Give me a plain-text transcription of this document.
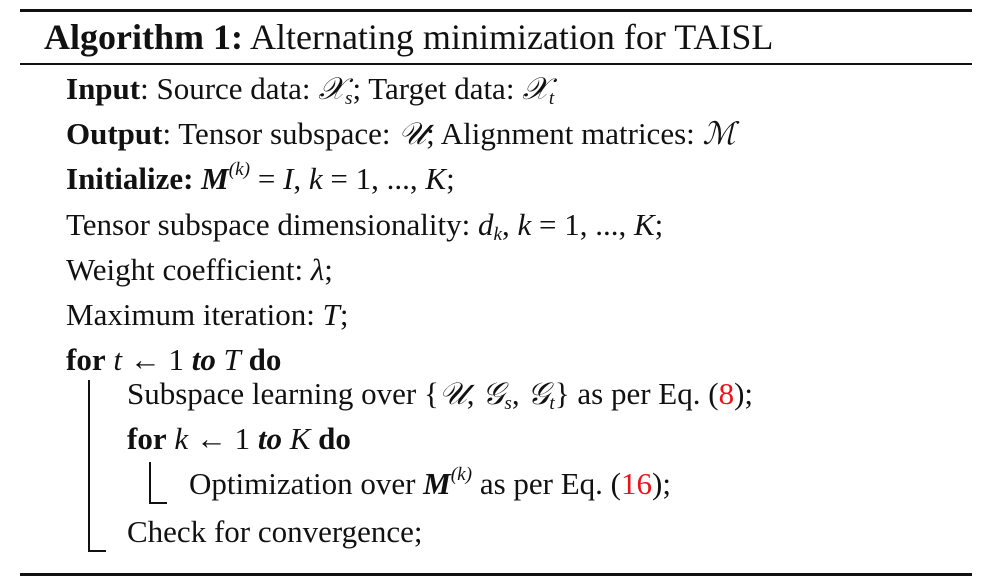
Algorithm 1: Alternating minimization for TAISL
Input: Source data: 𝒳$_s$; Target data: 𝒳$_t$
Output: Tensor subspace: 𝒰; Alignment matrices: ℳ
Initialize: $M^{(k)} = I$, k = 1, ..., K;
Tensor subspace dimensionality: $d_k$, k = 1, ..., K;
Weight coefficient: λ;
Maximum iteration: T;
for t ← 1 to T do
Subspace learning over {𝒰, 𝒢$_s$, 𝒢$_t$} as per Eq. (8);
for k ← 1 to K do
Optimization over $M^{(k)}$ as per Eq. (16);
Check for convergence;
